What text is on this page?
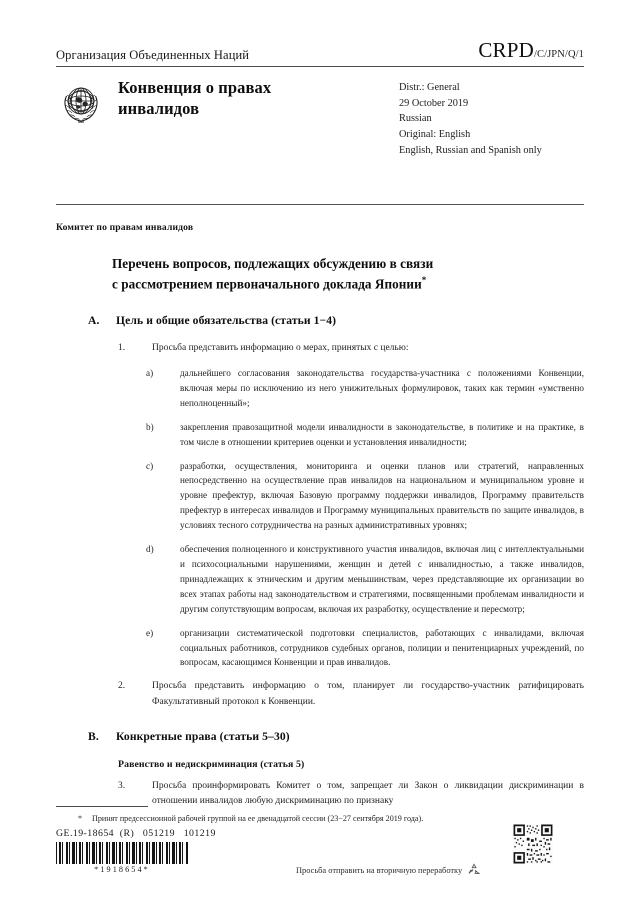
Организация Объединенных Наций	CRPD /C/JPN/Q/1
Конвенция о правах инвалидов
Distr.: General
29 October 2019
Russian
Original: English
English, Russian and Spanish only
Комитет по правам инвалидов
Перечень вопросов, подлежащих обсуждению в связи
с рассмотрением первоначального доклада Японии*
A.	Цель и общие обязательства (статьи 1−4)
1.	Просьба представить информацию о мерах, принятых с целью:
a)	дальнейшего согласования законодательства государства-участника с положениями Конвенции, включая меры по исключению из него унижительных формулировок, таких как термин «умственно неполноценный»;
b)	закрепления правозащитной модели инвалидности в законодательстве, в политике и на практике, в том числе в отношении критериев оценки и установления инвалидности;
c)	разработки, осуществления, мониторинга и оценки планов или стратегий, направленных непосредственно на осуществление прав инвалидов на национальном и муниципальном уровне и уровне префектур, включая Базовую программу поддержки инвалидов, Программу правительств префектур в интересах инвалидов и Программу муниципальных правительств по защите инвалидов, в условиях тесного сотрудничества на разных административных уровнях;
d)	обеспечения полноценного и конструктивного участия инвалидов, включая лиц с интеллектуальными и психосоциальными нарушениями, женщин и детей с инвалидностью, а также инвалидов, принадлежащих к этническим и другим меньшинствам, через представляющие их организации во всех этапах работы над законодательством и стратегиями, посвященными проблемам инвалидности и другим сопутствующим вопросам, включая их разработку, осуществление и пересмотр;
e)	организации систематической подготовки специалистов, работающих с инвалидами, включая социальных работников, сотрудников судебных органов, полиции и пенитенциарных учреждений, по вопросам, касающимся Конвенции и прав инвалидов.
2.	Просьба представить информацию о том, планирует ли государство-участник ратифицировать Факультативный протокол к Конвенции.
B.	Конкретные права (статьи 5–30)
Равенство и недискриминация (статья 5)
3.	Просьба проинформировать Комитет о том, запрещает ли Закон о ликвидации дискриминации в отношении инвалидов любую дискриминацию по признаку
*	Принят предсессионной рабочей группой на ее двенадцатой сессии (23−27 сентября 2019 года).
GE.19-18654  (R)   051219   101219
*1918654*	Просьба отправить на вторичную переработку
